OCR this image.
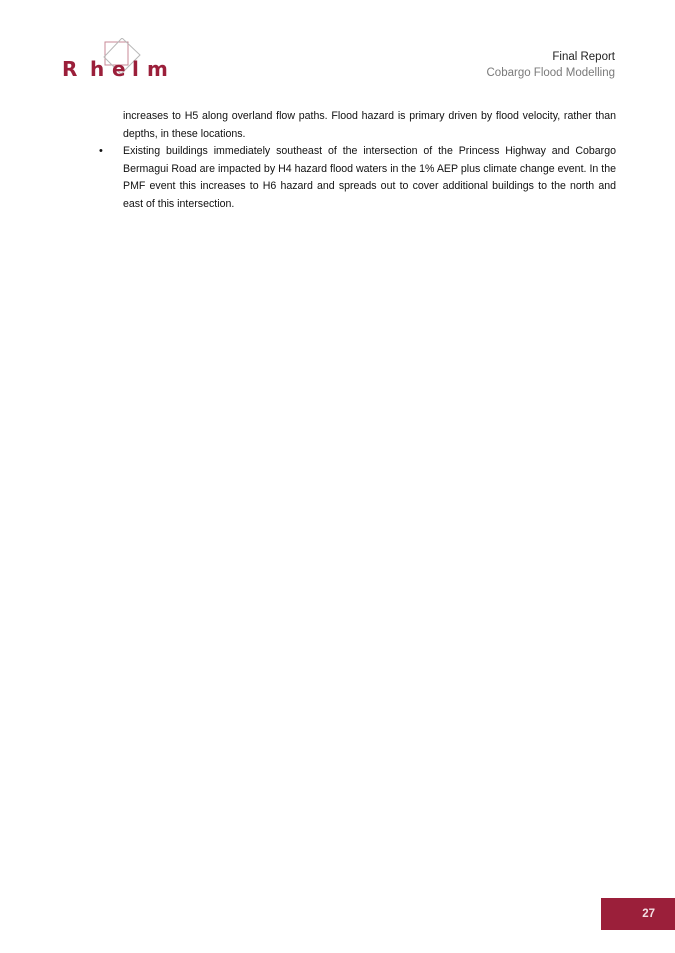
R h e l m	Final Report
Cobargo Flood Modelling

increases to H5 along overland flow paths. Flood hazard is primary driven by flood velocity, rather than depths, in these locations.

• Existing buildings immediately southeast of the intersection of the Princess Highway and Cobargo Bermagui Road are impacted by H4 hazard flood waters in the 1% AEP plus climate change event. In the PMF event this increases to H6 hazard and spreads out to cover additional buildings to the north and east of this intersection.
27
